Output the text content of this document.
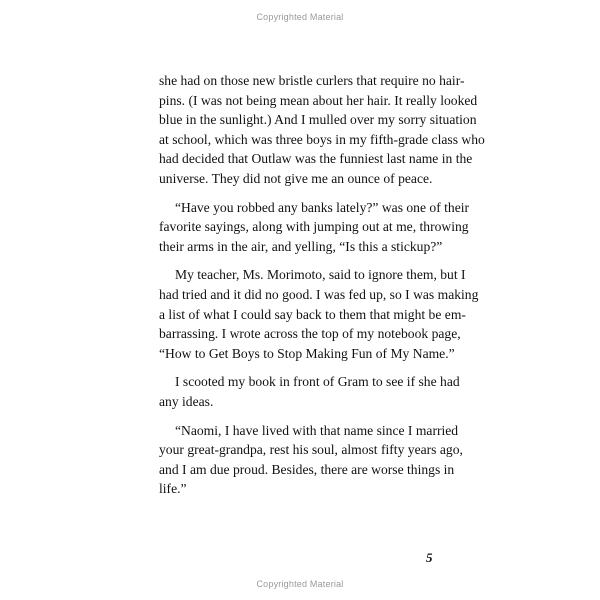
Copyrighted Material
she had on those new bristle curlers that require no hair-
pins. (I was not being mean about her hair. It really looked
blue in the sunlight.) And I mulled over my sorry situation
at school, which was three boys in my fifth-grade class who
had decided that Outlaw was the funniest last name in the
universe. They did not give me an ounce of peace.
“Have you robbed any banks lately?” was one of their
favorite sayings, along with jumping out at me, throwing
their arms in the air, and yelling, “Is this a stickup?”
My teacher, Ms. Morimoto, said to ignore them, but I
had tried and it did no good. I was fed up, so I was making
a list of what I could say back to them that might be em-
barrassing. I wrote across the top of my notebook page,
“How to Get Boys to Stop Making Fun of My Name.”
I scooted my book in front of Gram to see if she had
any ideas.
“Naomi, I have lived with that name since I married
your great-grandpa, rest his soul, almost fifty years ago,
and I am due proud. Besides, there are worse things in
life.”
5
Copyrighted Material
